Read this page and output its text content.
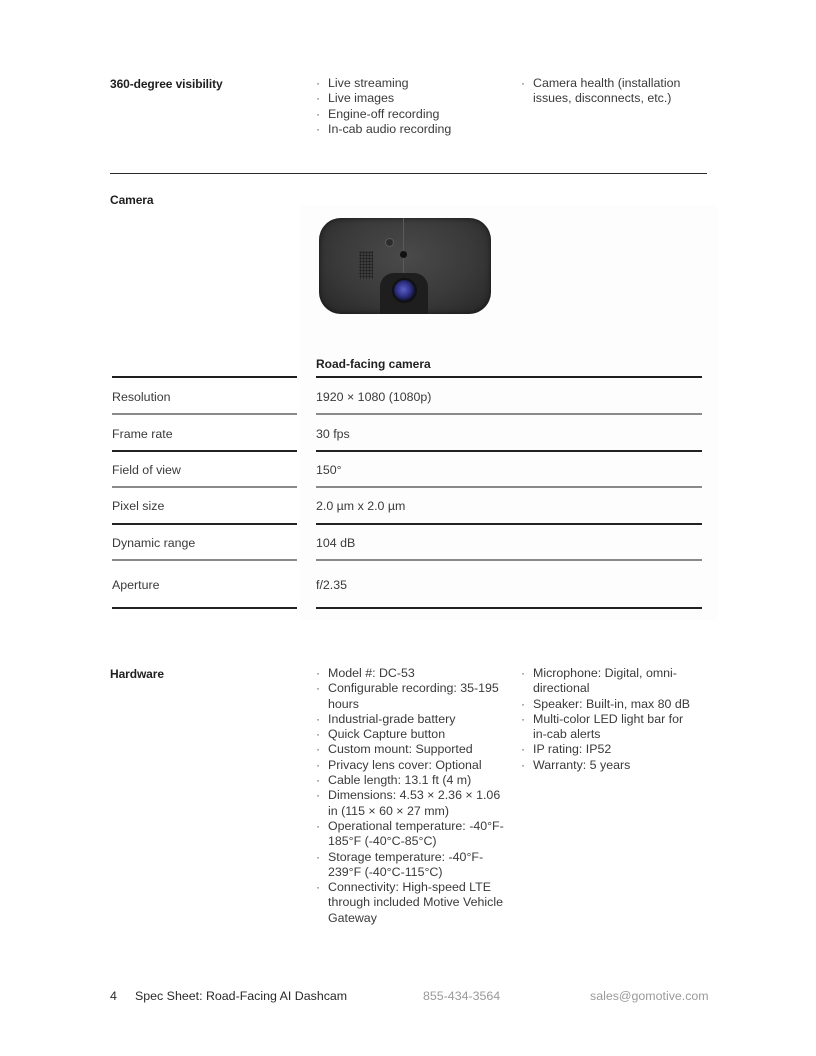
360-degree visibility	· Live streaming
· Live images
· Engine-off recording
· In-cab audio recording
· Camera health (installation issues, disconnects, etc.)
Camera
Road-facing camera
Resolution	1920 × 1080 (1080p)
Frame rate	30 fps
Field of view	150°
Pixel size	2.0 µm x 2.0 µm
Dynamic range	104 dB
Aperture	f/2.35
Hardware	· Model #: DC-53
· Configurable recording: 35-195 hours
· Industrial-grade battery
· Quick Capture button
· Custom mount: Supported
· Privacy lens cover: Optional
· Cable length: 13.1 ft (4 m)
· Dimensions: 4.53 × 2.36 × 1.06 in (115 × 60 × 27 mm)
· Operational temperature: -40°F-185°F (-40°C-85°C)
· Storage temperature: -40°F-239°F (-40°C-115°C)
· Connectivity: High-speed LTE through included Motive Vehicle Gateway
· Microphone: Digital, omni-directional
· Speaker: Built-in, max 80 dB
· Multi-color LED light bar for in-cab alerts
· IP rating: IP52
· Warranty: 5 years
4 Spec Sheet: Road-Facing AI Dashcam	855-434-3564	sales@gomotive.com
